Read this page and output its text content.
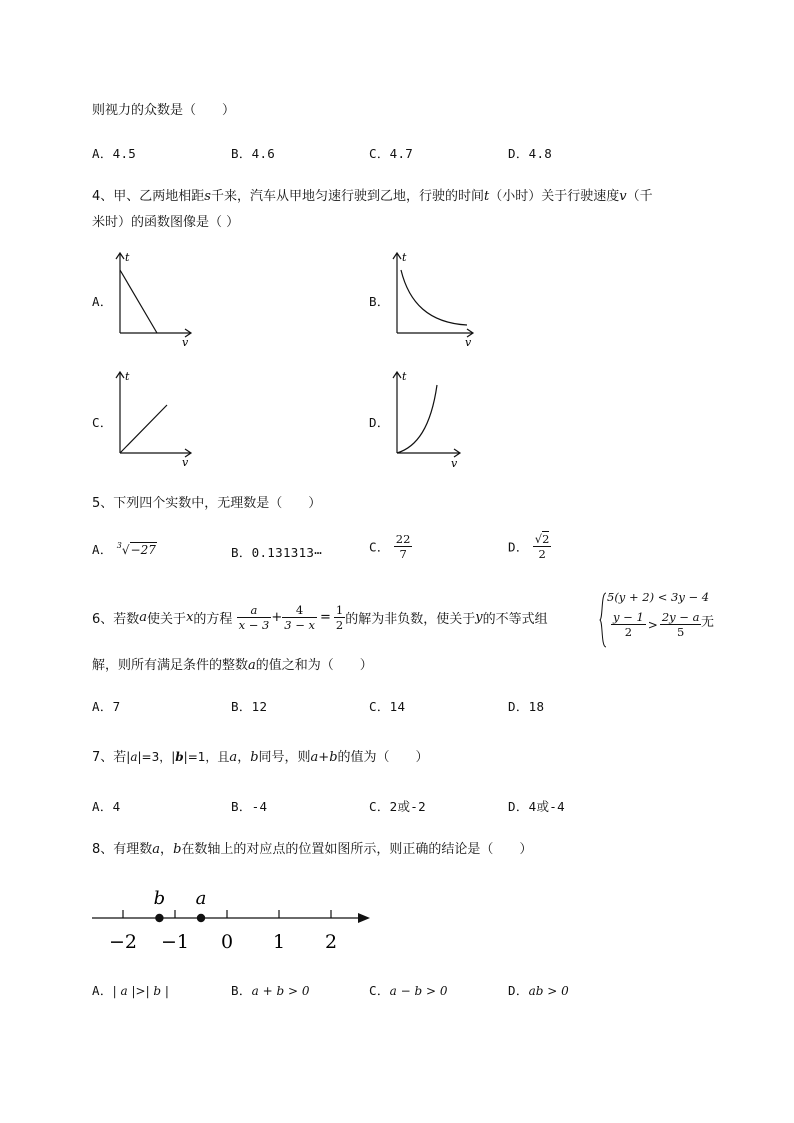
则视力的众数是（　　）
A．4.5	B．4.6	C．4.7	D．4.8
4、甲、乙两地相距s千来，汽车从甲地匀速行驶到乙地，行驶的时间t（小时）关于行驶速度v（千
米时）的函数图像是（ ）
A．
t
v
B．
t
v
C．
t
v
D．
t
v
5、下列四个实数中，无理数是（　　）
A． $^3$√−27	B．0.131313⋯	C． $\frac{22}{7}$	D． $\frac{√2}{2}$
6、若数a使关于x的方程 $\frac{a}{x - 3} + \frac{4}{3 - x} = \frac{1}{2}$ 的解为非负数，使关于y的不等式组
5(y + 2) < 3y − 4
$\frac{y - 1}{2} > \frac{2y - a}{5}$ 无
解，则所有满足条件的整数a的值之和为（　　）
A．7	B．12	C．14	D．18
7、若|a|=3，|b|=1，且a，b同号，则a+b的值为（　　）
A．4	B．-4	C．2或-2	D．4或-4
8、有理数a，b在数轴上的对应点的位置如图所示，则正确的结论是（　　）
−2 −1 0 1 2
b a
A．| a |>| b |	B．a + b > 0	C．a − b > 0	D．ab > 0
